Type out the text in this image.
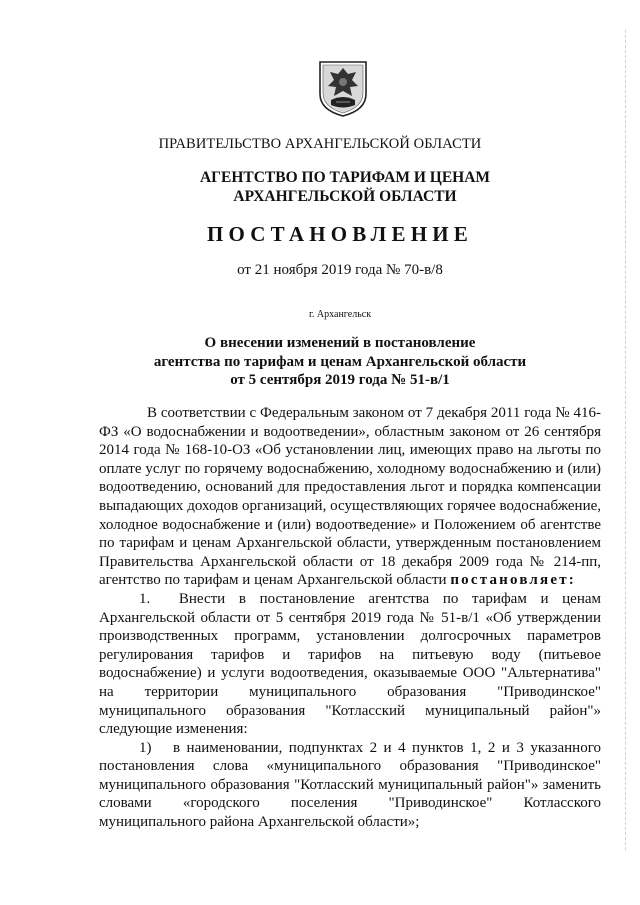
ПРАВИТЕЛЬСТВО АРХАНГЕЛЬСКОЙ ОБЛАСТИ
АГЕНТСТВО ПО ТАРИФАМ И ЦЕНАМ
АРХАНГЕЛЬСКОЙ ОБЛАСТИ
ПОСТАНОВЛЕНИЕ
от 21 ноября 2019 года № 70-в/8
г. Архангельск
О внесении изменений в постановление
агентства по тарифам и ценам Архангельской области
от 5 сентября 2019 года № 51-в/1

В соответствии с Федеральным законом от 7 декабря 2011 года № 416-ФЗ «О водоснабжении и водоотведении», областным законом от 26 сентября 2014 года № 168-10-ОЗ «Об установлении лиц, имеющих право на льготы по оплате услуг по горячему водоснабжению, холодному водоснабжению и (или) водоотведению, оснований для предоставления льгот и порядка компенсации выпадающих доходов организаций, осуществляющих горячее водоснабжение, холодное водоснабжение и (или) водоотведение» и Положением об агентстве по тарифам и ценам Архангельской области, утвержденным постановлением Правительства Архангельской области от 18 декабря 2009 года № 214-пп, агентство по тарифам и ценам Архангельской области постановляет:

1.  Внести в постановление агентства по тарифам и ценам Архангельской области от 5 сентября 2019 года № 51-в/1 «Об утверждении производственных программ, установлении долгосрочных параметров регулирования тарифов и тарифов на питьевую воду (питьевое водоснабжение) и услуги водоотведения, оказываемые ООО "Альтернатива" на территории муниципального образования "Приводинское" муниципального образования "Котласский муниципальный район"» следующие изменения:

1)  в наименовании, подпунктах 2 и 4 пунктов 1, 2 и 3 указанного постановления слова «муниципального образования "Приводинское" муниципального образования "Котласский муниципальный район"» заменить словами «городского поселения "Приводинское" Котласского муниципального района Архангельской области»;
